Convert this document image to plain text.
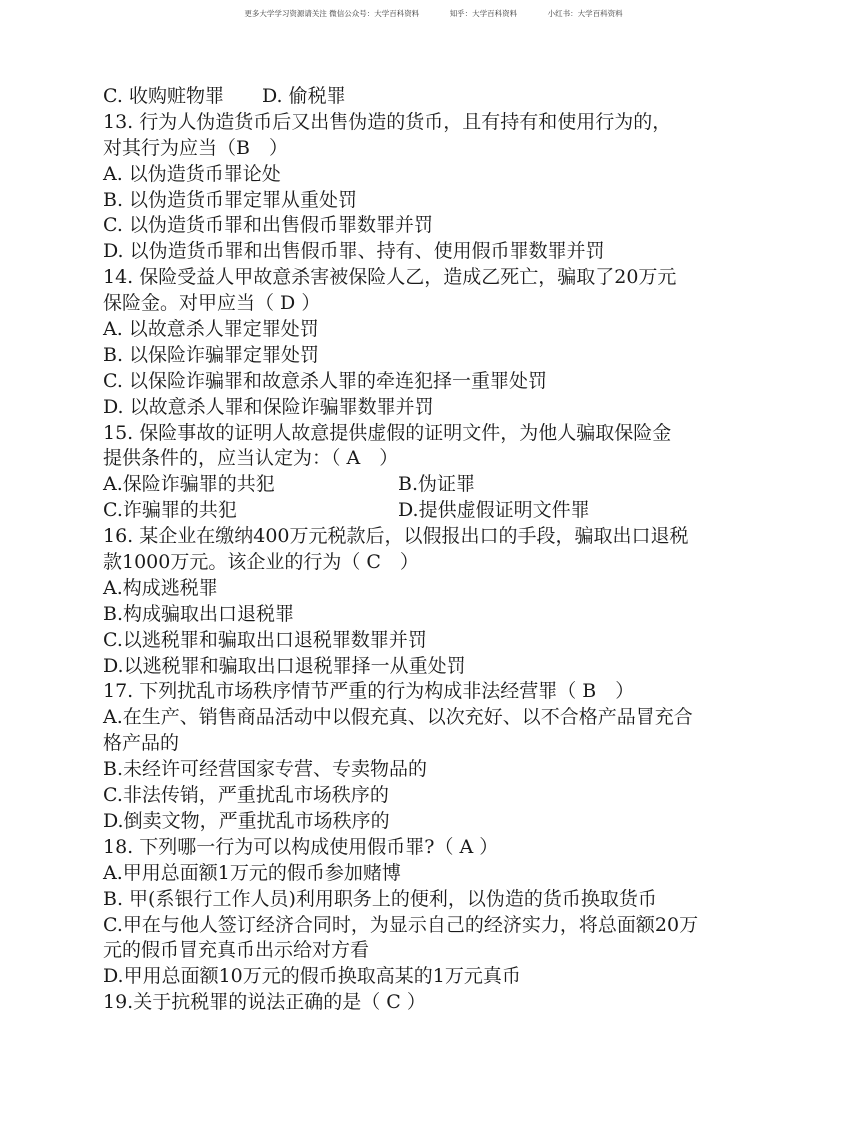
更多大学学习资源请关注 微信公众号：大学百科资料	知乎：大学百科资料	小红书：大学百科资料
C. 收购赃物罪　　D. 偷税罪
13. 行为人伪造货币后又出售伪造的货币，且有持有和使用行为的，
对其行为应当（B　）
A. 以伪造货币罪论处
B. 以伪造货币罪定罪从重处罚
C. 以伪造货币罪和出售假币罪数罪并罚
D. 以伪造货币罪和出售假币罪、持有、使用假币罪数罪并罚
14. 保险受益人甲故意杀害被保险人乙，造成乙死亡，骗取了20万元
保险金。对甲应当（ D ）
A. 以故意杀人罪定罪处罚
B. 以保险诈骗罪定罪处罚
C. 以保险诈骗罪和故意杀人罪的牵连犯择一重罪处罚
D. 以故意杀人罪和保险诈骗罪数罪并罚
15. 保险事故的证明人故意提供虚假的证明文件，为他人骗取保险金
提供条件的，应当认定为：（ A　）
A.保险诈骗罪的共犯	B.伪证罪
C.诈骗罪的共犯	D.提供虚假证明文件罪
16. 某企业在缴纳400万元税款后，以假报出口的手段，骗取出口退税
款1000万元。该企业的行为（ C　）
A.构成逃税罪
B.构成骗取出口退税罪
C.以逃税罪和骗取出口退税罪数罪并罚
D.以逃税罪和骗取出口退税罪择一从重处罚
17. 下列扰乱市场秩序情节严重的行为构成非法经营罪（ B　）
A.在生产、销售商品活动中以假充真、以次充好、以不合格产品冒充合
格产品的
B.未经许可经营国家专营、专卖物品的
C.非法传销，严重扰乱市场秩序的
D.倒卖文物，严重扰乱市场秩序的
18. 下列哪一行为可以构成使用假币罪?（ A ）
A.甲用总面额1万元的假币参加赌博
B. 甲(系银行工作人员)利用职务上的便利，以伪造的货币换取货币
C.甲在与他人签订经济合同时，为显示自己的经济实力，将总面额20万
元的假币冒充真币出示给对方看
D.甲用总面额10万元的假币换取高某的1万元真币
19.关于抗税罪的说法正确的是（ C ）
